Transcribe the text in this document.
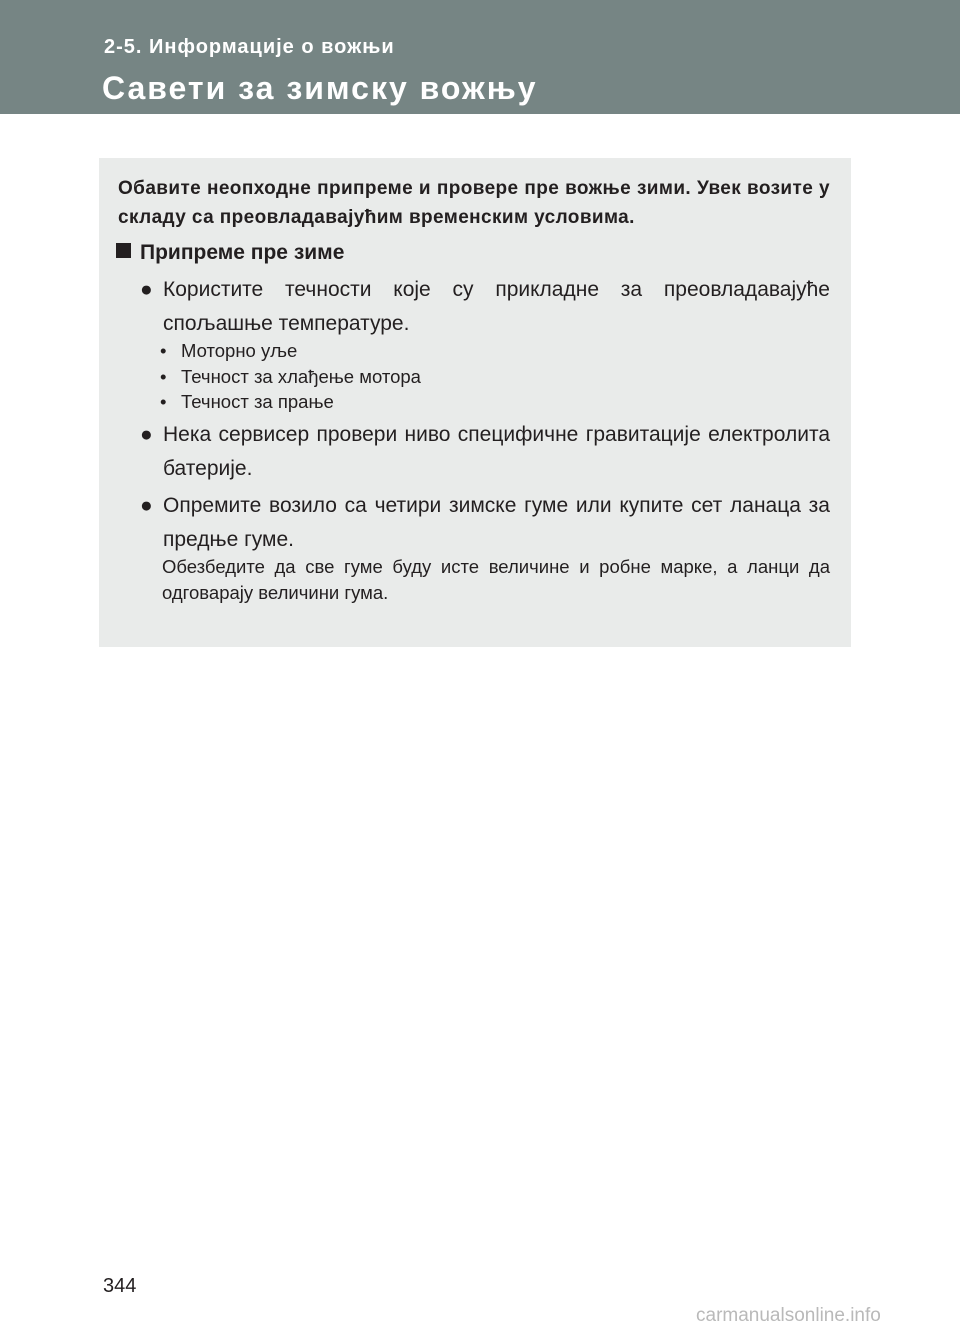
2-5. Информације о вожњи
Савети за зимску вожњу
Обавите неопходне припреме и провере пре вожње зими. Увек возите у складу са преовладавајућим временским условима.
Припреме пре зиме
● Користите течности које су прикладне за преовладавајуће спољашње температуре.
• Моторно уље
• Течност за хлађење мотора
• Течност за прање
● Нека сервисер провери ниво специфичне гравитације електролита батерије.
● Опремите возило са четири зимске гуме или купите сет ланаца за предње гуме.
Обезбедите да све гуме буду исте величине и робне марке, а ланци да одговарају величини гума.
344
carmanualsonline.info
